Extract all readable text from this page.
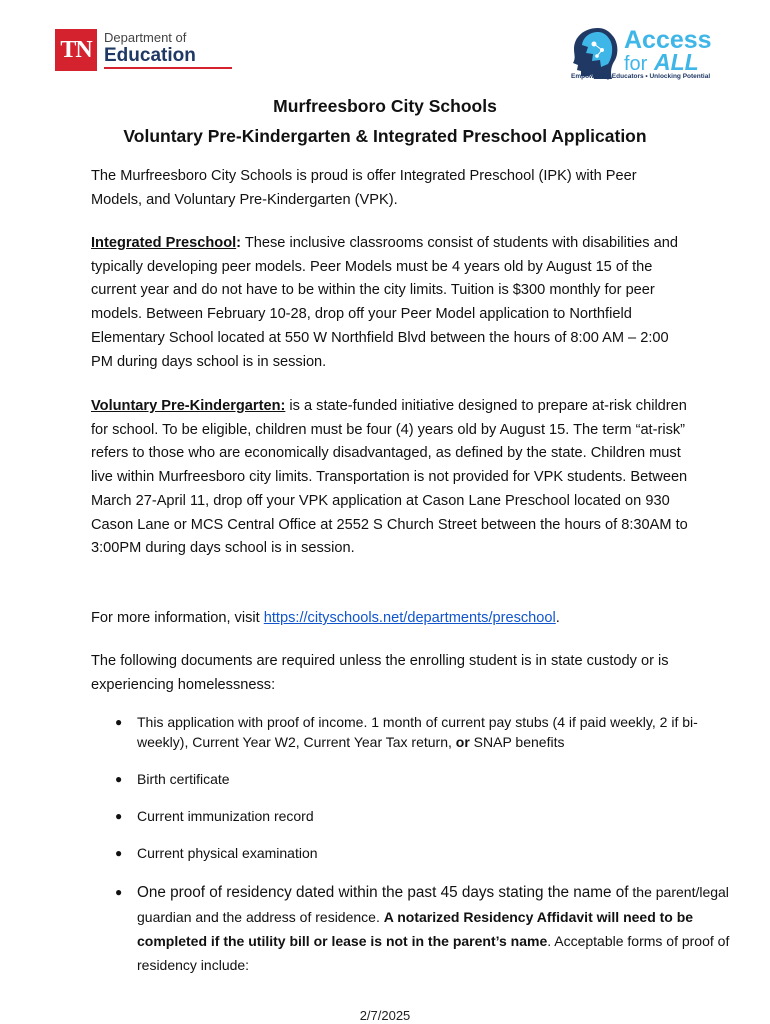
TN Department of
Education
Access
for ALL
Empowering Educators • Unlocking Potential
Murfreesboro City Schools
Voluntary Pre-Kindergarten & Integrated Preschool Application
The Murfreesboro City Schools is proud is offer Integrated Preschool (IPK) with Peer Models, and Voluntary Pre-Kindergarten (VPK).
Integrated Preschool: These inclusive classrooms consist of students with disabilities and typically developing peer models. Peer Models must be 4 years old by August 15 of the current year and do not have to be within the city limits. Tuition is $300 monthly for peer models. Between February 10-28, drop off your Peer Model application to Northfield Elementary School located at 550 W Northfield Blvd between the hours of 8:00 AM – 2:00 PM during days school is in session.
Voluntary Pre-Kindergarten: is a state-funded initiative designed to prepare at-risk children for school. To be eligible, children must be four (4) years old by August 15. The term “at-risk” refers to those who are economically disadvantaged, as defined by the state. Children must live within Murfreesboro city limits. Transportation is not provided for VPK students. Between March 27-April 11, drop off your VPK application at Cason Lane Preschool located on 930 Cason Lane or MCS Central Office at 2552 S Church Street between the hours of 8:30AM to 3:00PM during days school is in session.
For more information, visit https://cityschools.net/departments/preschool.
The following documents are required unless the enrolling student is in state custody or is experiencing homelessness:
● This application with proof of income. 1 month of current pay stubs (4 if paid weekly, 2 if bi-weekly), Current Year W2, Current Year Tax return, or SNAP benefits
● Birth certificate
● Current immunization record
● Current physical examination
● One proof of residency dated within the past 45 days stating the name of the parent/legal guardian and the address of residence. A notarized Residency Affidavit will need to be completed if the utility bill or lease is not in the parent’s name. Acceptable forms of proof of residency include:
2/7/2025
